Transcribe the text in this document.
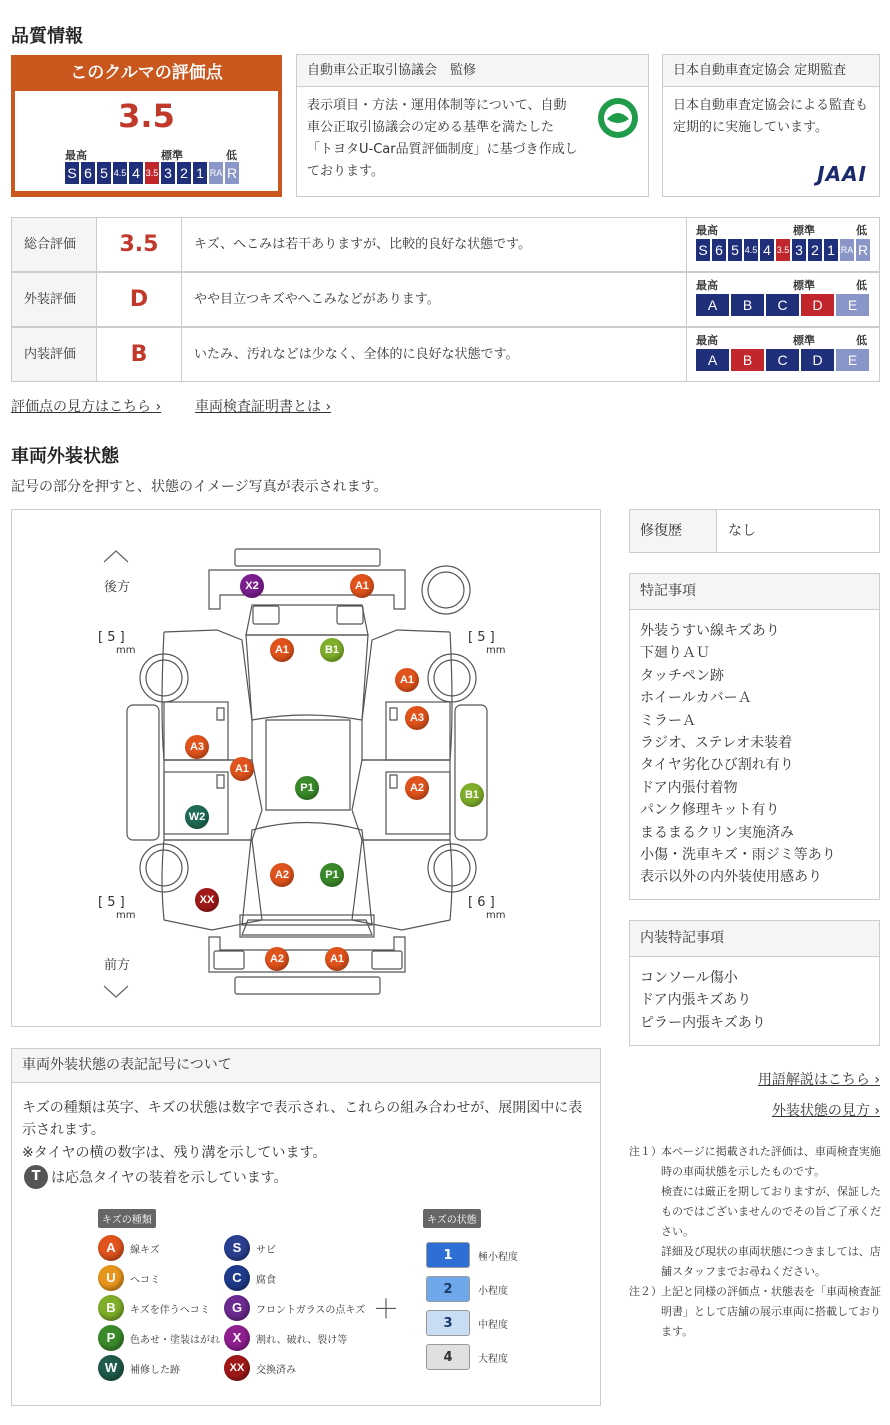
品質情報
このクルマの評価点
3.5
最高	標準	低
S 6 5 4.5 4 3.5 3 2 1 RA R
自動車公正取引協議会　監修
表示項目・方法・運用体制等について、自動車公正取引協議会の定める基準を満たした「トヨタU-Car品質評価制度」に基づき作成しております。
日本自動車査定協会 定期監査
日本自動車査定協会による監査も定期的に実施しています。
JAAI
総合評価	3.5	キズ、へこみは若干ありますが、比較的良好な状態です。
最高	標準	低
S 6 5 4.5 4 3.5 3 2 1 RA R
外装評価	D	やや目立つキズやへこみなどがあります。
最高	標準	低
A	B	C	D	E
内装評価	B	いたみ、汚れなどは少なく、全体的に良好な状態です。
最高	標準	低
A	B	C	D	E
評価点の見方はこちら › 車両検査証明書とは ›
車両外装状態
記号の部分を押すと、状態のイメージ写真が表示されます。
後方
前方
[ 5 ]
mm
[ 5 ]
mm
[ 5 ]
mm
[ 6 ]
mm
X2	A1
A1	B1
A1
A3
A3
A1
P1	A2
B1
W2
A2	P1
XX
A2	A1
修復歴	なし
特記事項
外装うすい線キズあり
下廻りＡＵ
タッチペン跡
ホイールカバーＡ
ミラーＡ
ラジオ、ステレオ未装着
タイヤ劣化ひび割れ有り
ドア内張付着物
パンク修理キット有り
まるまるクリン実施済み
小傷・洗車キズ・雨ジミ等あり
表示以外の内外装使用感あり
内装特記事項
コンソール傷小
ドア内張キズあり
ピラー内張キズあり
用語解説はこちら ›
外装状態の見方 ›
注１） 本ページに掲載された評価は、車両検査実施時の車両状態を示したものです。
検査には厳正を期しておりますが、保証したものではございませんのでその旨ご了承ください。
詳細及び現状の車両状態につきましては、店舗スタッフまでお尋ねください。
注２） 上記と同様の評価点・状態表を「車両検査証明書」として店舗の展示車両に搭載しております。
車両外装状態の表記記号について
キズの種類は英字、キズの状態は数字で表示され、これらの組み合わせが、展開図中に表示されます。
※タイヤの横の数字は、残り溝を示しています。
T は応急タイヤの装着を示しています。
キズの種類	キズの状態
A	線キズ
U	ヘコミ
B	キズを伴うヘコミ
P	色あせ・塗装はがれ
W	補修した跡
S	サビ
C	腐食
G	フロントガラスの点キズ
X	割れ、破れ、裂け等
XX	交換済み
＋
1	極小程度
2	小程度
3	中程度
4	大程度
